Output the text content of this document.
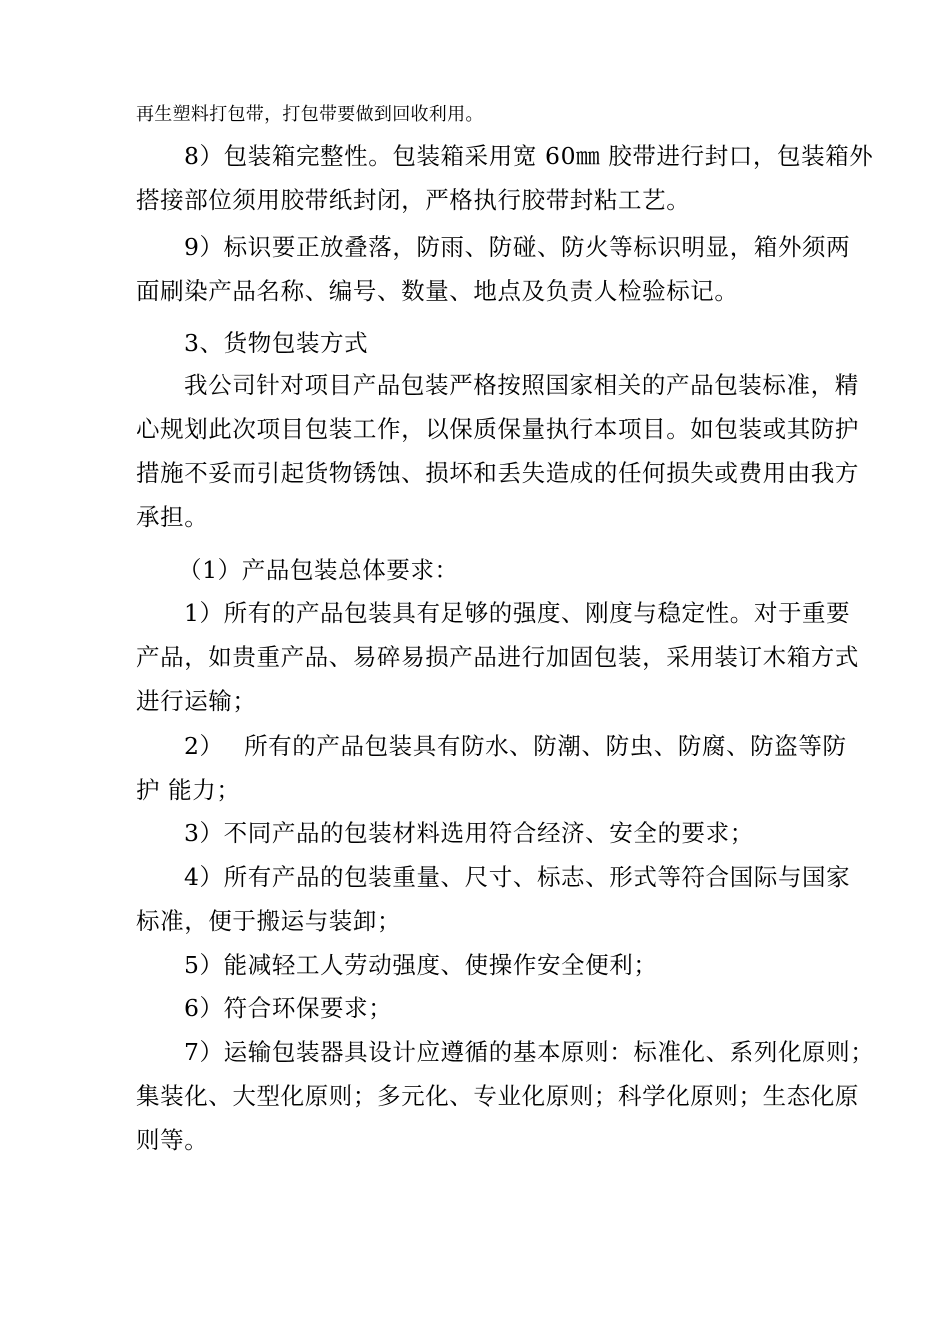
再生塑料打包带，打包带要做到回收利用。
8）包装箱完整性。包装箱采用宽 60㎜ 胶带进行封口，包装箱外
搭接部位须用胶带纸封闭，严格执行胶带封粘工艺。
9）标识要正放叠落，防雨、防碰、防火等标识明显，箱外须两
面刷染产品名称、编号、数量、地点及负责人检验标记。
3、货物包装方式
我公司针对项目产品包装严格按照国家相关的产品包装标准，精
心规划此次项目包装工作，以保质保量执行本项目。如包装或其防护
措施不妥而引起货物锈蚀、损坏和丢失造成的任何损失或费用由我方
承担。
（1）产品包装总体要求：
1）所有的产品包装具有足够的强度、刚度与稳定性。对于重要
产品，如贵重产品、易碎易损产品进行加固包装，采用装订木箱方式
进行运输；
2）　 所有的产品包装具有防水、防潮、防虫、防腐、防盗等防
护 能力；
3）不同产品的包装材料选用符合经济、安全的要求；
4）所有产品的包装重量、尺寸、标志、形式等符合国际与国家
标准，便于搬运与装卸；
5）能减轻工人劳动强度、使操作安全便利；
6）符合环保要求；
7）运输包装器具设计应遵循的基本原则：标准化、系列化原则；
集装化、大型化原则；多元化、专业化原则；科学化原则；生态化原
则等。
